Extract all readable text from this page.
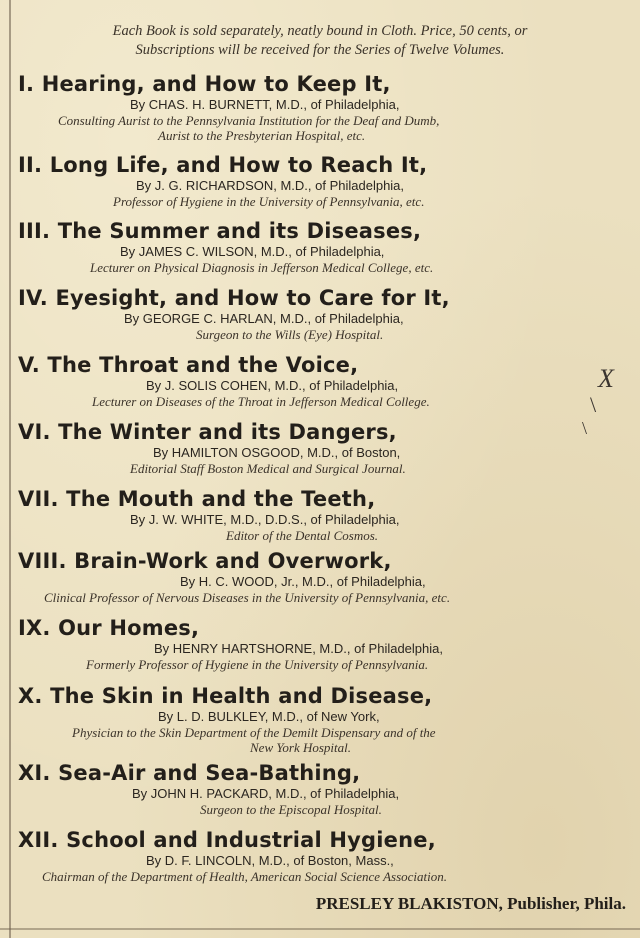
Each Book is sold separately, neatly bound in Cloth. Price, 50 cents, or
Subscriptions will be received for the Series of Twelve Volumes.
I. Hearing, and How to Keep It,
By CHAS. H. BURNETT, M.D., of Philadelphia,
Consulting Aurist to the Pennsylvania Institution for the Deaf and Dumb,
Aurist to the Presbyterian Hospital, etc.
II. Long Life, and How to Reach It,
By J. G. RICHARDSON, M.D., of Philadelphia,
Professor of Hygiene in the University of Pennsylvania, etc.
III. The Summer and its Diseases,
By JAMES C. WILSON, M.D., of Philadelphia,
Lecturer on Physical Diagnosis in Jefferson Medical College, etc.
IV. Eyesight, and How to Care for It,
By GEORGE C. HARLAN, M.D., of Philadelphia,
Surgeon to the Wills (Eye) Hospital.
V. The Throat and the Voice,
By J. SOLIS COHEN, M.D., of Philadelphia,
Lecturer on Diseases of the Throat in Jefferson Medical College.
VI. The Winter and its Dangers,
By HAMILTON OSGOOD, M.D., of Boston,
Editorial Staff Boston Medical and Surgical Journal.
VII. The Mouth and the Teeth,
By J. W. WHITE, M.D., D.D.S., of Philadelphia,
Editor of the Dental Cosmos.
VIII. Brain-Work and Overwork,
By H. C. WOOD, Jr., M.D., of Philadelphia,
Clinical Professor of Nervous Diseases in the University of Pennsylvania, etc.
IX. Our Homes,
By HENRY HARTSHORNE, M.D., of Philadelphia,
Formerly Professor of Hygiene in the University of Pennsylvania.
X. The Skin in Health and Disease,
By L. D. BULKLEY, M.D., of New York,
Physician to the Skin Department of the Demilt Dispensary and of the
New York Hospital.
XI. Sea-Air and Sea-Bathing,
By JOHN H. PACKARD, M.D., of Philadelphia,
Surgeon to the Episcopal Hospital.
XII. School and Industrial Hygiene,
By D. F. LINCOLN, M.D., of Boston, Mass.,
Chairman of the Department of Health, American Social Science Association.
PRESLEY BLAKISTON, Publisher, Phila.
X
\
\
